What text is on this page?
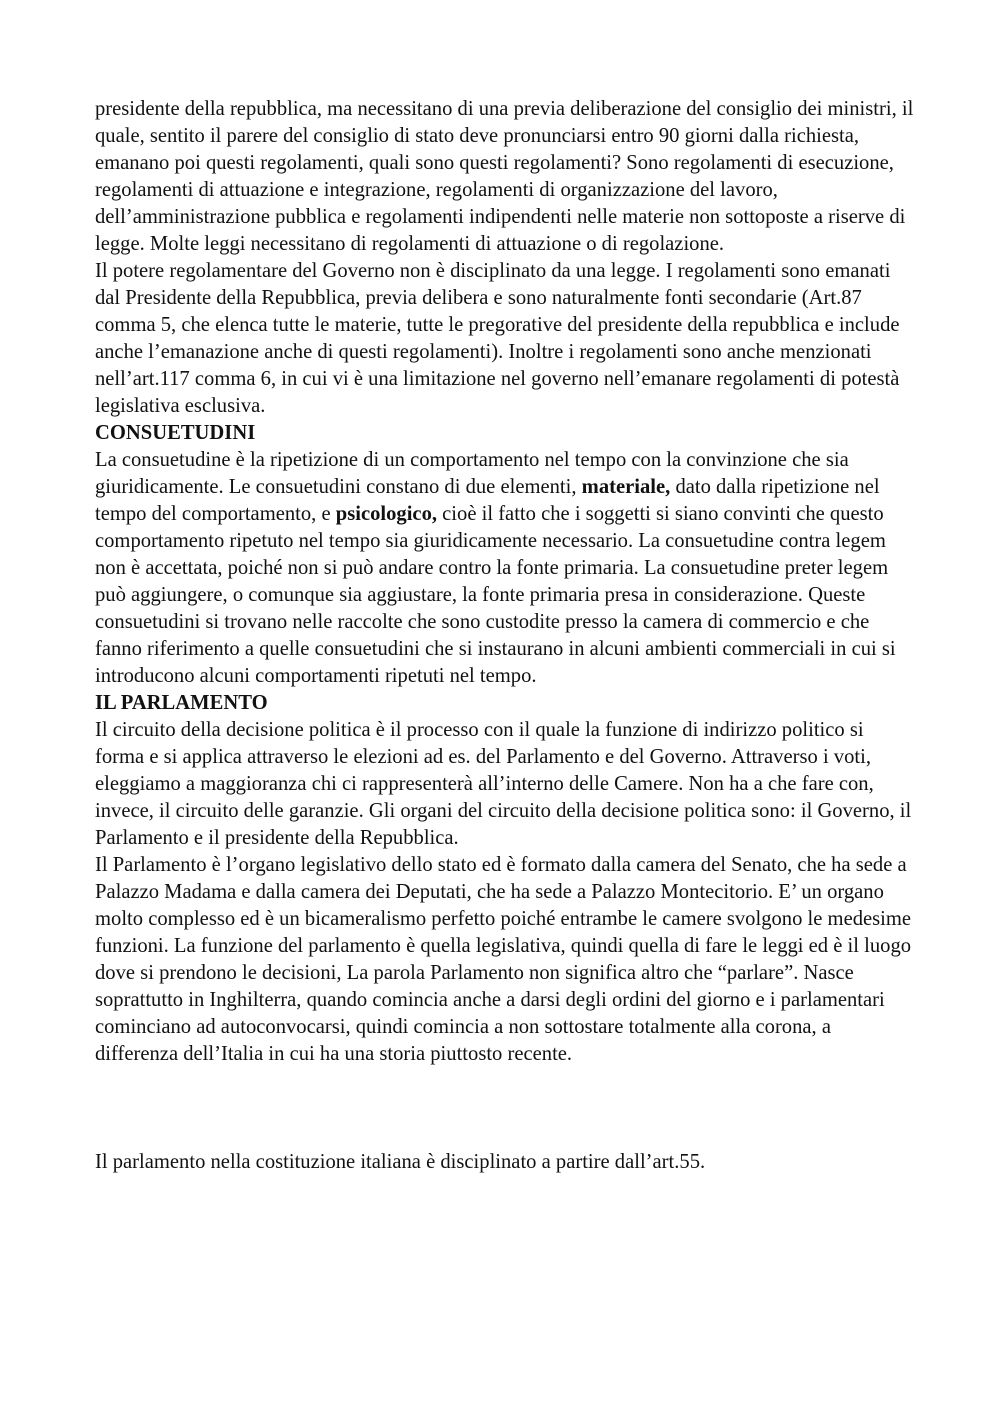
presidente della repubblica, ma necessitano di una previa deliberazione del consiglio dei ministri, il quale, sentito il parere del consiglio di stato deve pronunciarsi entro 90 giorni dalla richiesta, emanano poi questi regolamenti, quali sono questi regolamenti? Sono regolamenti di esecuzione, regolamenti di attuazione e integrazione, regolamenti di organizzazione del lavoro, dell’amministrazione pubblica e regolamenti indipendenti nelle materie non sottoposte a riserve di legge. Molte leggi necessitano di regolamenti di attuazione o di regolazione.

Il potere regolamentare del Governo non è disciplinato da una legge. I regolamenti sono emanati dal Presidente della Repubblica, previa delibera e sono naturalmente fonti secondarie (Art.87 comma 5, che elenca tutte le materie, tutte le pregorative del presidente della repubblica e include anche l’emanazione anche di questi regolamenti). Inoltre i regolamenti sono anche menzionati nell’art.117 comma 6, in cui vi è una limitazione nel governo nell’emanare regolamenti di potestà legislativa esclusiva.

CONSUETUDINI

La consuetudine è la ripetizione di un comportamento nel tempo con la convinzione che sia giuridicamente. Le consuetudini constano di due elementi, materiale, dato dalla ripetizione nel tempo del comportamento, e psicologico, cioè il fatto che i soggetti si siano convinti che questo comportamento ripetuto nel tempo sia giuridicamente necessario. La consuetudine contra legem non è accettata, poiché non si può andare contro la fonte primaria. La consuetudine preter legem può aggiungere, o comunque sia aggiustare, la fonte primaria presa in considerazione. Queste consuetudini si trovano nelle raccolte che sono custodite presso la camera di commercio e che fanno riferimento a quelle consuetudini che si instaurano in alcuni ambienti commerciali in cui si introducono alcuni comportamenti ripetuti nel tempo.

IL PARLAMENTO

Il circuito della decisione politica è il processo con il quale la funzione di indirizzo politico si forma e si applica attraverso le elezioni ad es. del Parlamento e del Governo. Attraverso i voti, eleggiamo a maggioranza chi ci rappresenterà all’interno delle Camere. Non ha a che fare con, invece, il circuito delle garanzie. Gli organi del circuito della decisione politica sono: il Governo, il Parlamento e il presidente della Repubblica.

Il Parlamento è l’organo legislativo dello stato ed è formato dalla camera del Senato, che ha sede a Palazzo Madama e dalla camera dei Deputati, che ha sede a Palazzo Montecitorio. E’ un organo molto complesso ed è un bicameralismo perfetto poiché entrambe le camere svolgono le medesime funzioni. La funzione del parlamento è quella legislativa, quindi quella di fare le leggi ed è il luogo dove si prendono le decisioni, La parola Parlamento non significa altro che “parlare”. Nasce soprattutto in Inghilterra, quando comincia anche a darsi degli ordini del giorno e i parlamentari cominciano ad autoconvocarsi, quindi comincia a non sottostare totalmente alla corona, a differenza dell’Italia in cui ha una storia piuttosto recente.

Il parlamento nella costituzione italiana è disciplinato a partire dall’art.55.
